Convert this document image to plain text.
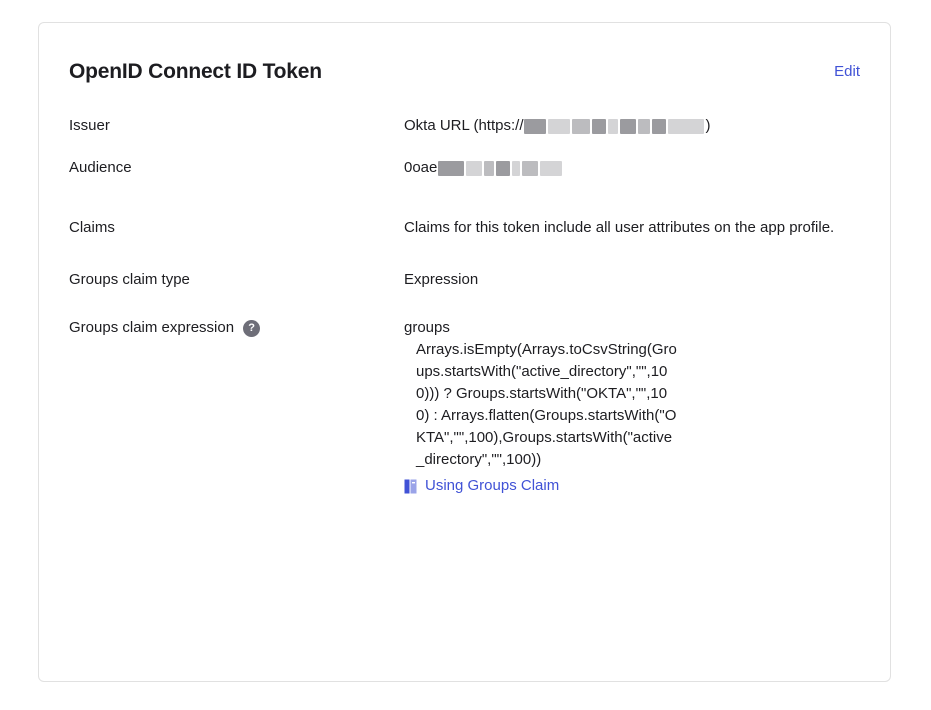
OpenID Connect ID Token	Edit
Issuer	Okta URL (https://	)
Audience	0oae
Claims	Claims for this token include all user attributes on the app profile.
Groups claim type	Expression
Groups claim expression	?	groups
Arrays.isEmpty(Arrays.toCsvString(Groups.startsWith("active_directory","",100))) ? Groups.startsWith("OKTA","",100) : Arrays.flatten(Groups.startsWith("OKTA","",100),Groups.startsWith("active_directory","",100))
Using Groups Claim
